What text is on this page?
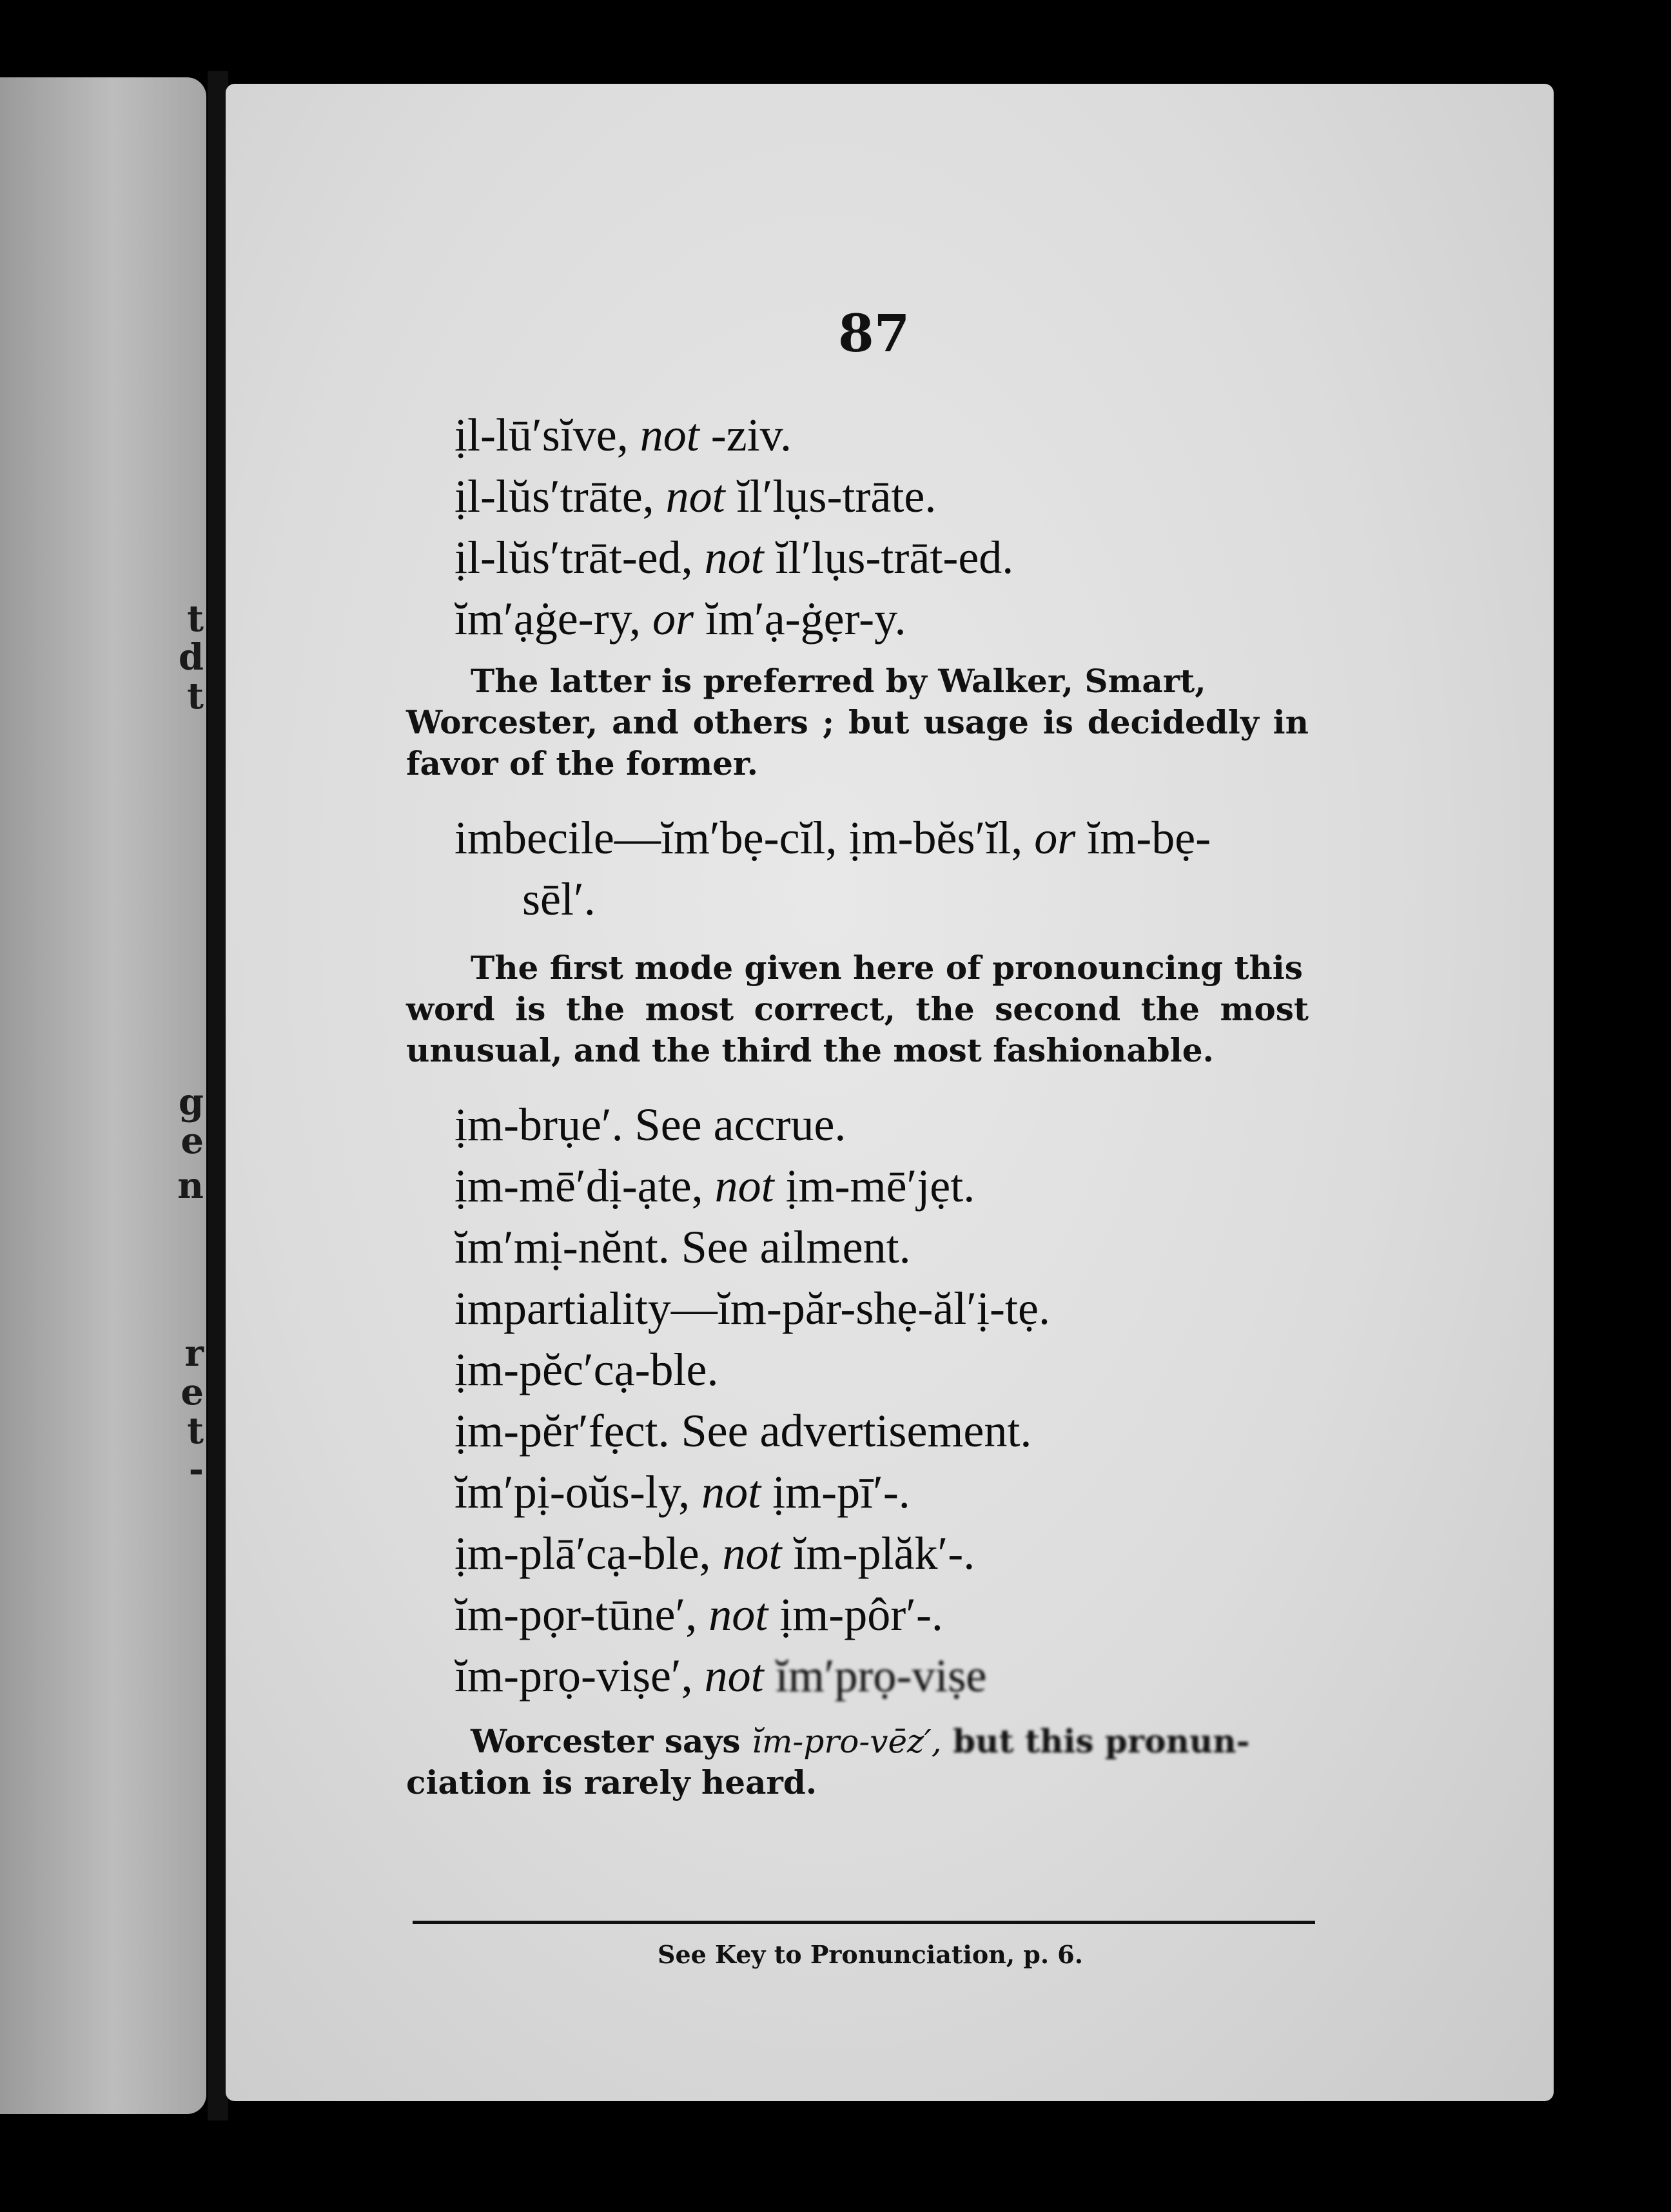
t
d
t
g
e
n
r
e
t
-
87
ịl-lū′sĭve, not -ziv.
ịl-lŭs′trāte, not ĭl′lụs-trāte.
ịl-lŭs′trāt-ed, not ĭl′lụs-trāt-ed.
ĭm′ạġe-ry, or ĭm′ạ-ġẹr-y.
The latter is preferred by Walker, Smart,
Worcester, and others ; but usage is decidedly in favor of the former.
imbecile—ĭm′bẹ-cĭl, ịm-bĕs′ĭl, or ĭm-bẹ-
sēl′.
The first mode given here of pronouncing this
word is the most correct, the second the most unusual, and the third the most fashionable.
ịm-brụe′. See accrue.
ịm-mē′dị-ạte, not ịm-mē′jẹt.
ĭm′mị-nĕnt. See ailment.
impartiality—ĭm-păr-shẹ-ăl′ị-tẹ.
ịm-pĕc′cạ-ble.
ịm-pĕr′fẹct. See advertisement.
ĭm′pị-oŭs-ly, not ịm-pī′-.
ịm-plā′cạ-ble, not ĭm-plăk′-.
ĭm-pọr-tūne′, not ịm-pôr′-.
ĭm-prọ-viṣe′, not ĭm′prọ-viṣe
Worcester says ĭm-pro-vēz′, but this pronun-
ciation is rarely heard.
See Key to Pronunciation, p. 6.
